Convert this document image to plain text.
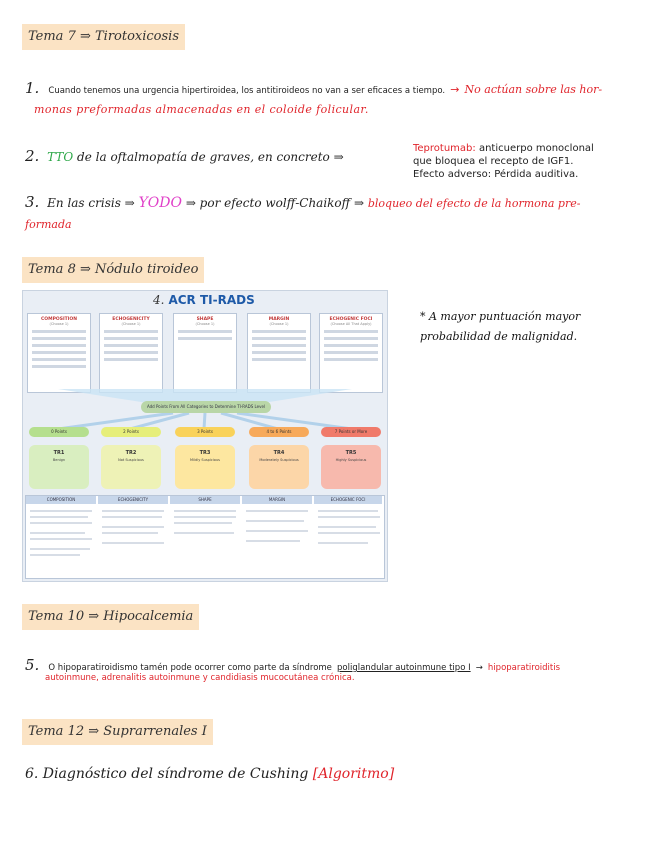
Tema 7 ⇒ Tirotoxicosis
1. Cuando tenemos una urgencia hipertiroidea, los antitiroideos no van a ser eficaces a tiempo. → No actúan sobre las hor-
monas preformadas almacenadas en el coloide folicular.
2. TTO de la oftalmopatía de graves, en concreto ⇒
Teprotumab: anticuerpo monoclonal
que bloquea el recepto de IGF1.
Efecto adverso: Pérdida auditiva.
3. En las crisis ⇒ YODO ⇒ por efecto wolff-Chaikoff ⇒ bloqueo del efecto de la hormona pre-
formada
Tema 8 ⇒ Nódulo tiroideo
4. ACR TI-RADS
COMPOSITION
(Choose 1)
ECHOGENICITY
(Choose 1)
SHAPE
(Choose 1)
MARGIN
(Choose 1)
ECHOGENIC FOCI
(Choose All That Apply)
Add Points From All Categories to Determine TI-RADS Level
0 Points	2 Points	3 Points	4 to 6 Points	7 Points or More
TR1
Benign
TR2
Not Suspicious
TR3
Mildly Suspicious
TR4
Moderately Suspicious
TR5
Highly Suspicious
COMPOSITION	ECHOGENICITY	SHAPE	MARGIN	ECHOGENIC FOCI
* A mayor puntuación mayor
probabilidad de malignidad.
Tema 10 ⇒ Hipocalcemia
5. O hipoparatiroidismo tamén pode ocorrer como parte da síndrome poliglandular autoinmune tipo I → hipoparatiroiditis
autoinmune, adrenalitis autoinmune y candidiasis mucocutánea crónica.
Tema 12 ⇒ Suprarrenales I
6. Diagnóstico del síndrome de Cushing [Algoritmo]
